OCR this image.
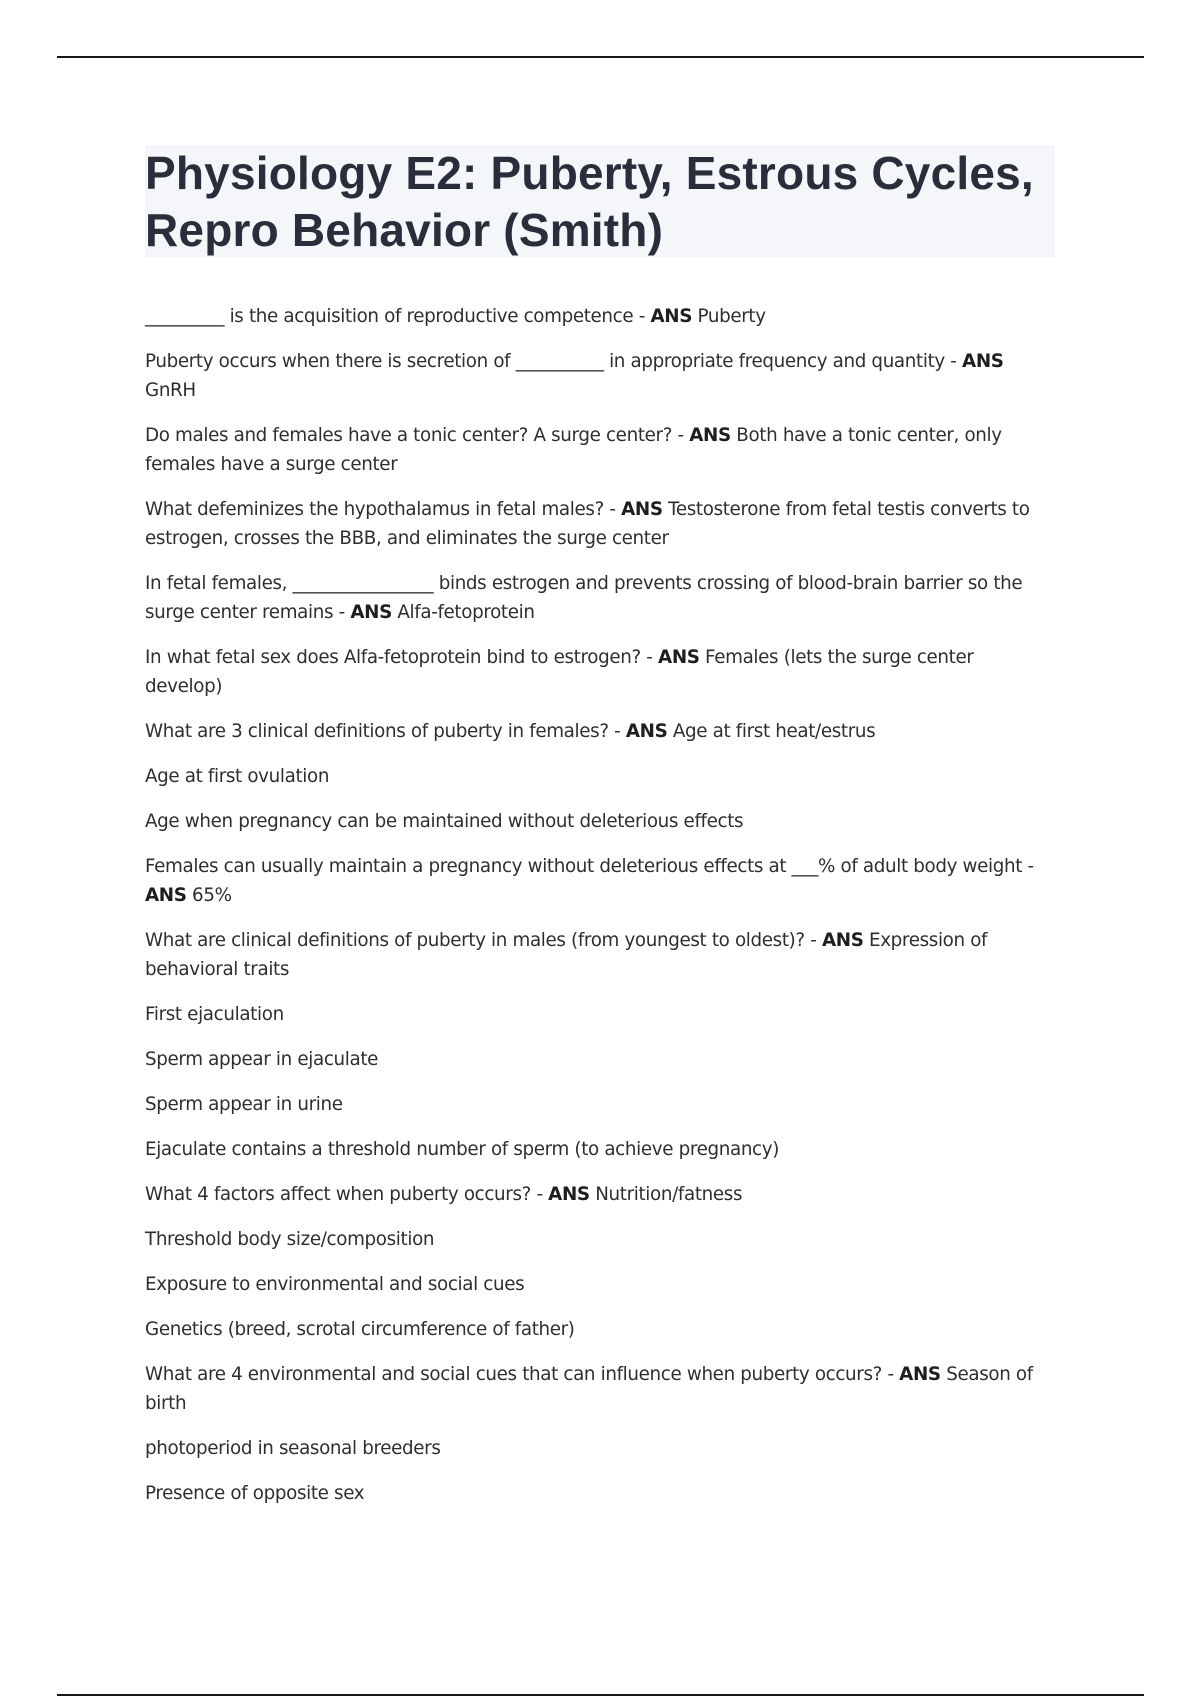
Physiology E2: Puberty, Estrous Cycles, Repro Behavior (Smith)

_________ is the acquisition of reproductive competence - ANS Puberty

Puberty occurs when there is secretion of __________ in appropriate frequency and quantity - ANS GnRH

Do males and females have a tonic center? A surge center? - ANS Both have a tonic center, only females have a surge center

What defeminizes the hypothalamus in fetal males? - ANS Testosterone from fetal testis converts to estrogen, crosses the BBB, and eliminates the surge center

In fetal females, ________________ binds estrogen and prevents crossing of blood-brain barrier so the surge center remains - ANS Alfa-fetoprotein

In what fetal sex does Alfa-fetoprotein bind to estrogen? - ANS Females (lets the surge center develop)

What are 3 clinical definitions of puberty in females? - ANS Age at first heat/estrus

Age at first ovulation

Age when pregnancy can be maintained without deleterious effects

Females can usually maintain a pregnancy without deleterious effects at ___% of adult body weight - ANS 65%

What are clinical definitions of puberty in males (from youngest to oldest)? - ANS Expression of behavioral traits

First ejaculation

Sperm appear in ejaculate

Sperm appear in urine

Ejaculate contains a threshold number of sperm (to achieve pregnancy)

What 4 factors affect when puberty occurs? - ANS Nutrition/fatness

Threshold body size/composition

Exposure to environmental and social cues

Genetics (breed, scrotal circumference of father)

What are 4 environmental and social cues that can influence when puberty occurs? - ANS Season of birth

photoperiod in seasonal breeders

Presence of opposite sex
